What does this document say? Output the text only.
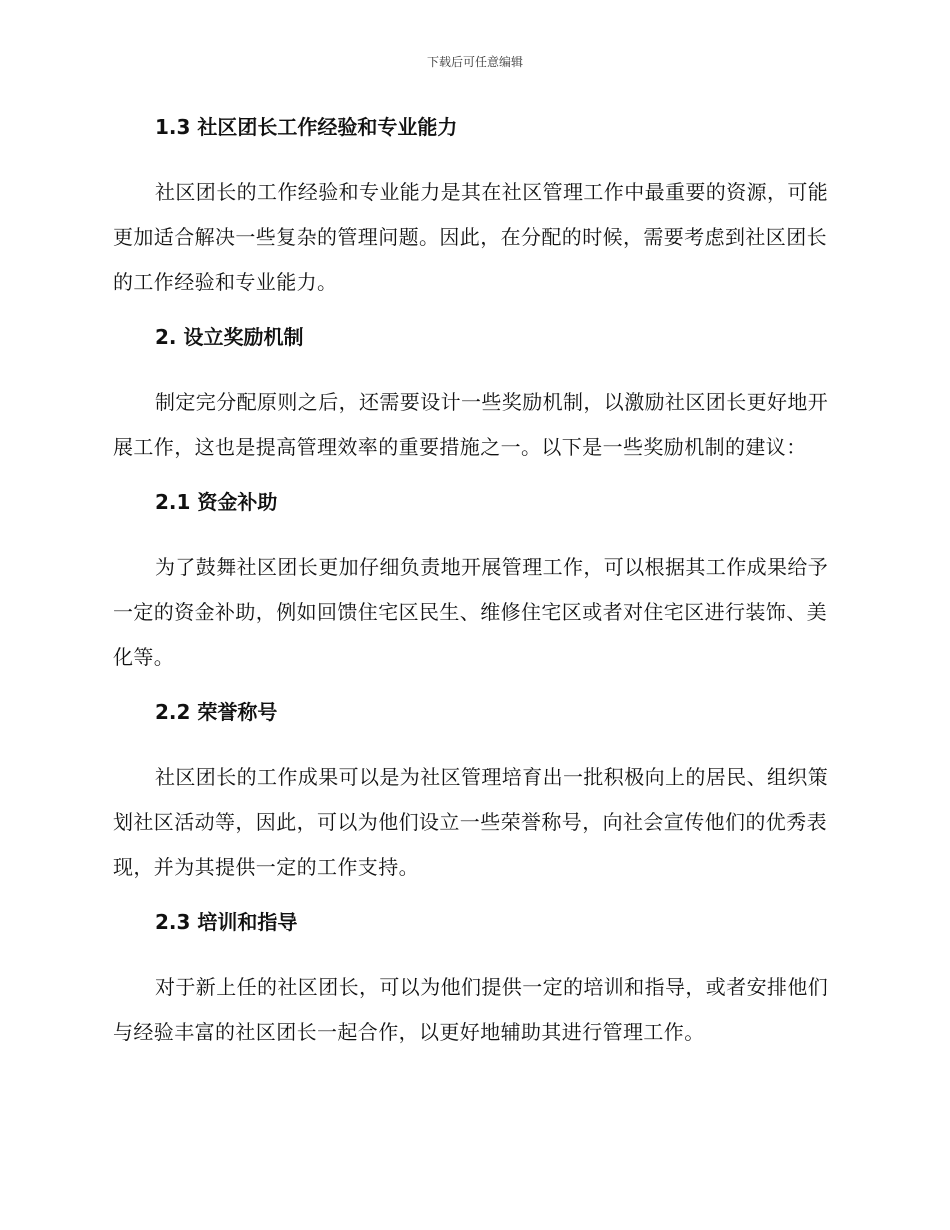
下载后可任意编辑
1.3 社区团长工作经验和专业能力

社区团长的工作经验和专业能力是其在社区管理工作中最重要的资源，可能更加适合解决一些复杂的管理问题。因此，在分配的时候，需要考虑到社区团长的工作经验和专业能力。

2. 设立奖励机制

制定完分配原则之后，还需要设计一些奖励机制，以激励社区团长更好地开展工作，这也是提高管理效率的重要措施之一。以下是一些奖励机制的建议：

2.1 资金补助

为了鼓舞社区团长更加仔细负责地开展管理工作，可以根据其工作成果给予一定的资金补助，例如回馈住宅区民生、维修住宅区或者对住宅区进行装饰、美化等。

2.2 荣誉称号

社区团长的工作成果可以是为社区管理培育出一批积极向上的居民、组织策划社区活动等，因此，可以为他们设立一些荣誉称号，向社会宣传他们的优秀表现，并为其提供一定的工作支持。

2.3 培训和指导

对于新上任的社区团长，可以为他们提供一定的培训和指导，或者安排他们与经验丰富的社区团长一起合作，以更好地辅助其进行管理工作。
